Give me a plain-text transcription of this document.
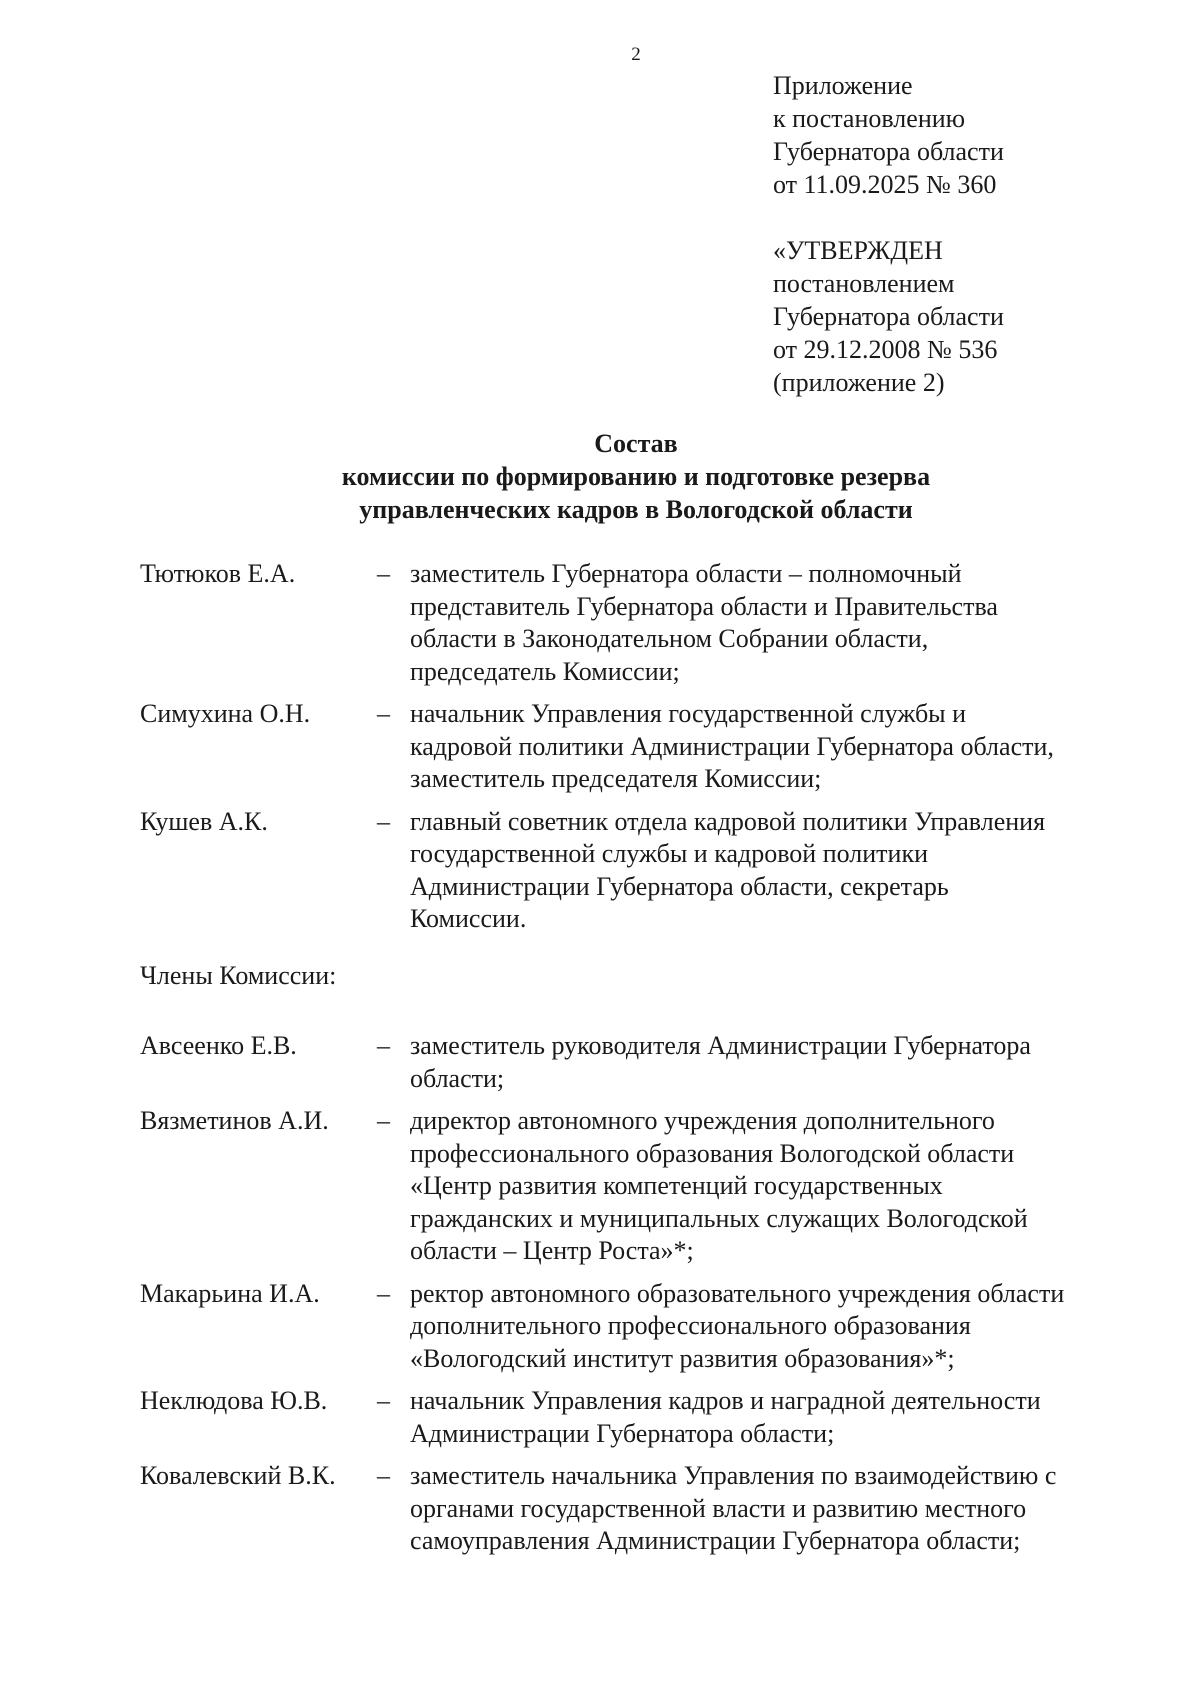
2
Приложение
к постановлению
Губернатора области
от 11.09.2025 № 360
«УТВЕРЖДЕН
постановлением
Губернатора области
от 29.12.2008 № 536
(приложение 2)
Состав
комиссии по формированию и подготовке резерва
управленческих кадров в Вологодской области
Тютюков Е.А.	– заместитель Губернатора области – полномочный
представитель Губернатора области и Правительства
области в Законодательном Собрании области,
председатель Комиссии;
Симухина О.Н.	– начальник Управления государственной службы и
кадровой политики Администрации Губернатора области,
заместитель председателя Комиссии;
Кушев А.К.	– главный советник отдела кадровой политики Управления
государственной службы и кадровой политики
Администрации Губернатора области, секретарь
Комиссии.
Члены Комиссии:
Авсеенко Е.В.	– заместитель руководителя Администрации Губернатора
области;
Вязметинов А.И.	– директор автономного учреждения дополнительного
профессионального образования Вологодской области
«Центр развития компетенций государственных
гражданских и муниципальных служащих Вологодской
области – Центр Роста»*;
Макарьина И.А.	– ректор автономного образовательного учреждения области
дополнительного профессионального образования
«Вологодский институт развития образования»*;
Неклюдова Ю.В.	– начальник Управления кадров и наградной деятельности
Администрации Губернатора области;
Ковалевский В.К.	– заместитель начальника Управления по взаимодействию с
органами государственной власти и развитию местного
самоуправления Администрации Губернатора области;
